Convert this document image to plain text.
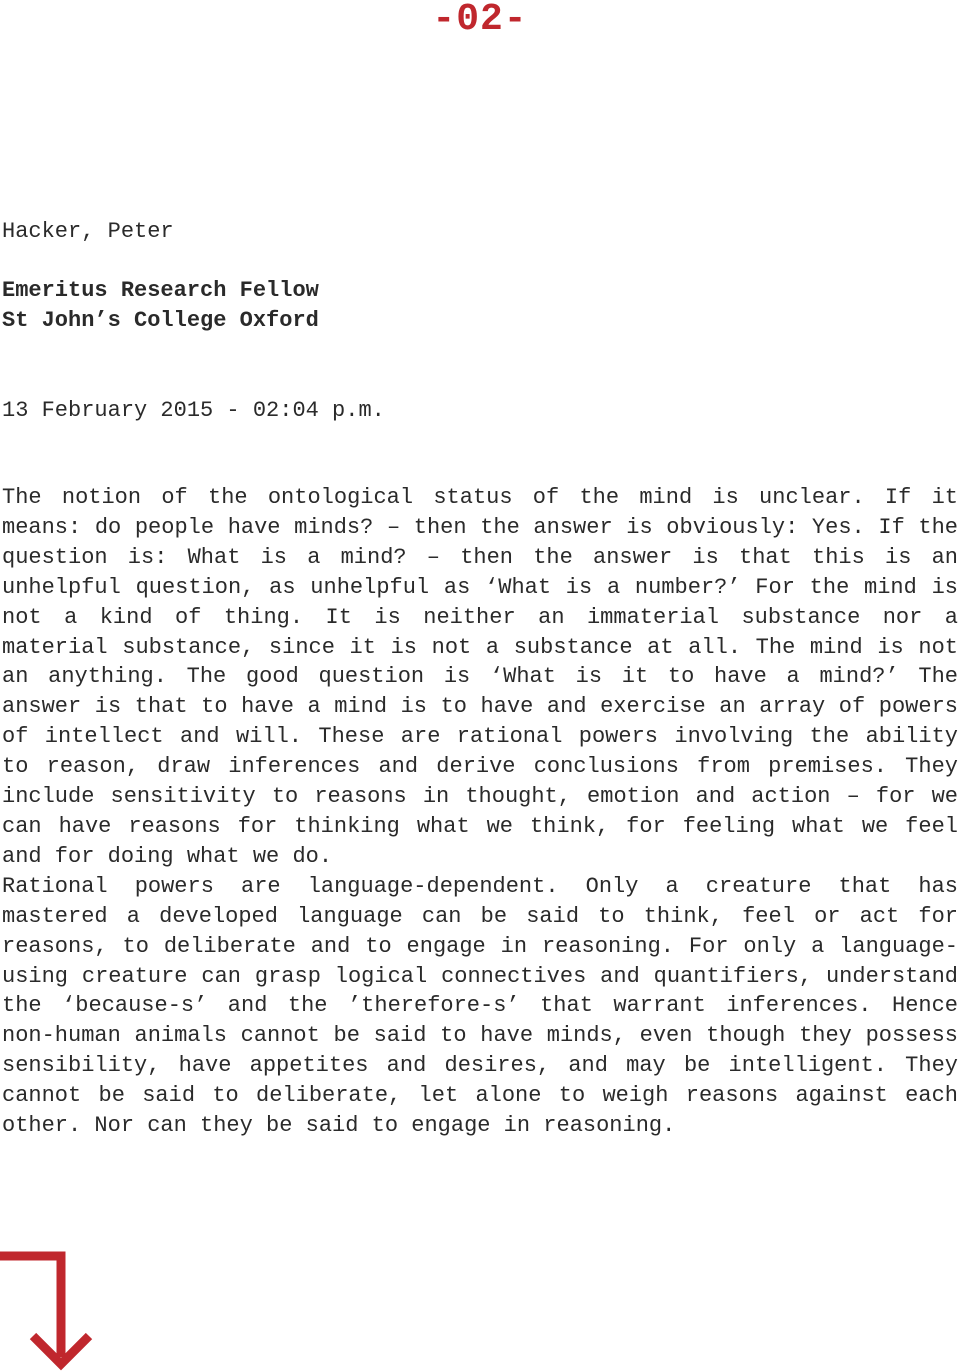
-02-
Hacker, Peter
Emeritus Research Fellow
St John’s College Oxford
13 February 2015 - 02:04 p.m.

The notion of the ontological status of the mind is unclear. If it means: do people have minds? – then the answer is obviously: Yes. If the question is: What is a mind? – then the answer is that this is an unhelpful question, as unhelpful as ‘What is a number?’ For the mind is not a kind of thing. It is neither an immaterial substance nor a material substance, since it is not a substance at all. The mind is not an anything. The good question is ‘What is it to have a mind?’ The answer is that to have a mind is to have and exercise an array of powers of intellect and will. These are rational powers involving the ability to reason, draw inferences and derive conclusions from premises. They include sensitivity to reasons in thought, emotion and action – for we can have reasons for thinking what we think, for feeling what we feel and for doing what we do.

Rational powers are language-dependent. Only a creature that has mastered a developed language can be said to think, feel or act for reasons, to deliberate and to engage in reasoning. For only a language-using creature can grasp logical connectives and quantifiers, understand the ‘because-s’ and the ’therefore-s’ that warrant inferences. Hence non-human animals cannot be said to have minds, even though they possess sensibility, have appetites and desires, and may be intelligent. They cannot be said to deliberate, let alone to weigh reasons against each other. Nor can they be said to engage in reasoning.
